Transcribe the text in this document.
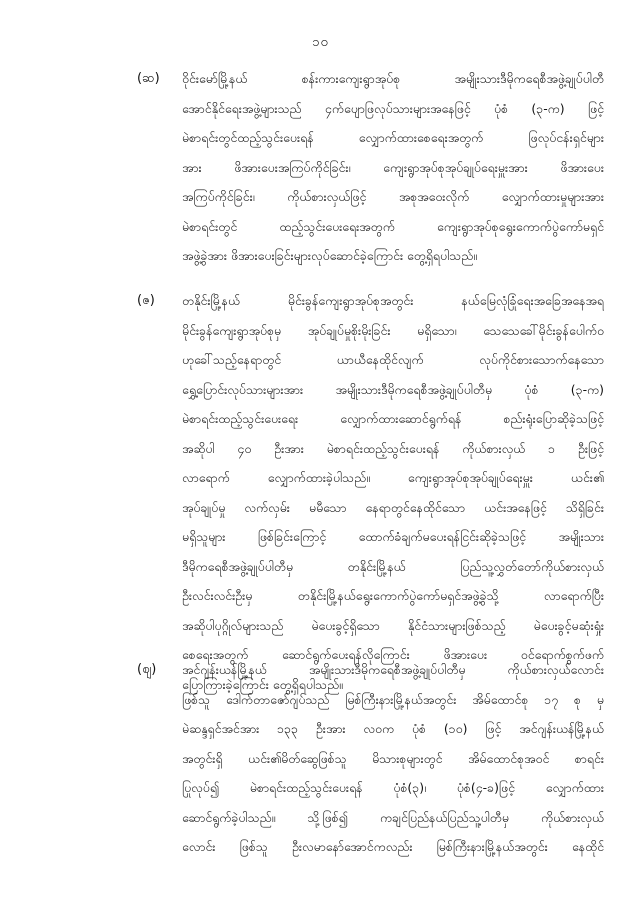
၁၀
(ဆ) ဝိုင်းမော်မြို့နယ် စန်းကားကျေးရွာအုပ်စု အမျိုးသားဒီမိုကရေစီအဖွဲ့ချုပ်ပါတီ
အောင်နိုင်ရေးအဖွဲ့များသည် ၄က်ပျောဖြလုပ်သားများအနေဖြင့် ပုံစံ (၃-က) ဖြင့်
မဲစာရင်းတွင်ထည့်သွင်းပေးရန် လျှောက်ထားစေရေးအတွက် ဖြလုပ်ငန်းရှင်များ
အား ဖိအားပေးအကြပ်ကိုင်ခြင်း၊ ကျေးရွာအုပ်စုအုပ်ချုပ်ရေးမှူးအား ဖိအားပေး
အကြပ်ကိုင်ခြင်း၊ ကိုယ်စားလှယ်ဖြင့် အစုအဝေးလိုက် လျှောက်ထားမှုများအား
မဲစာရင်းတွင် ထည့်သွင်းပေးရေးအတွက် ကျေးရွာအုပ်စုရွေးကောက်ပွဲကော်မရှင်
အဖွဲ့ခွဲအား ဖိအားပေးခြင်းများလုပ်ဆောင်ခဲ့ကြောင်း တွေ့ရှိရပါသည်။
(ဇ) တနိုင်းမြို့နယ် မိုင်းခွန်ကျေးရွာအုပ်စုအတွင်း နယ်မြေလုံခြုံရေးအခြေအနေအရ
မိုင်းခွန်ကျေးရွာအုပ်စုမှ အုပ်ချုပ်မှုစိုးမိုးခြင်း မရှိသော၊ သေသေခေါ်မိုင်းခွန်ပေါက်ဝ
ဟုခေါ်သည့်နေရာတွင် ယာယီနေထိုင်လျက် လုပ်ကိုင်စားသောက်နေသော
ရွှေ့ပြောင်းလုပ်သားများအား အမျိုးသားဒီမိုကရေစီအဖွဲ့ချုပ်ပါတီမှ ပုံစံ (၃-က)
မဲစာရင်းထည့်သွင်းပေးရေး လျှောက်ထားဆောင်ရွက်ရန် စည်းရုံးပြောဆိုခဲ့သဖြင့်
အဆိုပါ ၄၀ ဦးအား မဲစာရင်းထည့်သွင်းပေးရန် ကိုယ်စားလှယ် ၁ ဦးဖြင့်
လာရောက် လျှောက်ထားခဲ့ပါသည်။ ကျေးရွာအုပ်စုအုပ်ချုပ်ရေးမှူး ယင်း၏
အုပ်ချုပ်မှု လက်လှမ်း မမီသော နေရာတွင်နေထိုင်သော ယင်းအနေဖြင့် သိရှိခြင်း
မရှိသူများ ဖြစ်ခြင်းကြောင့် ထောက်ခံချက်မပေးရန်ငြင်းဆိုခဲ့သဖြင့် အမျိုးသား
ဒီမိုကရေစီအဖွဲ့ချုပ်ပါတီမှ တနိုင်းမြို့နယ် ပြည်သူ့လွှတ်တော်ကိုယ်စားလှယ်
ဦးလင်းလင်းဦးမှ တနိုင်းမြို့နယ်ရွေးကောက်ပွဲကော်မရှင်အဖွဲ့ခွဲသို့ လာရောက်ပြီး
အဆိုပါပုဂ္ဂိုလ်များသည် မဲပေးခွင့်ရှိသော နိုင်ငံသားများဖြစ်သည့် မဲပေးခွင့်မဆုံးရှုံး
စေရေးအတွက် ဆောင်ရွက်ပေးရန်လိုကြောင်း ဖိအားပေး ဝင်ရောက်စွက်ဖက်
ပြောကြားခဲ့ကြောင်း တွေ့ရှိရပါသည်။
(ဈ) အင်ဂျန်းယန်မြို့နယ် အမျိုးသားဒီမိုကရေစီအဖွဲ့ချုပ်ပါတီမှ ကိုယ်စားလှယ်လောင်း
ဖြစ်သူ ဒေါက်တာဇော်ဂျပ်သည် မြစ်ကြီးနားမြို့နယ်အတွင်း အိမ်ထောင်စု ၁၇ စု မှ
မဲဆန္ဒရှင်အင်အား ၁၃၃ ဦးအား လဝက ပုံစံ (၁၀) ဖြင့် အင်ဂျန်းယန်မြို့နယ်
အတွင်းရှိ ယင်း၏မိတ်ဆွေဖြစ်သူ မိသားစုများတွင် အိမ်ထောင်စုအဝင် စာရင်း
ပြုလုပ်၍ မဲစာရင်းထည့်သွင်းပေးရန် ပုံစံ(၃)၊ ပုံစံ(၄-ခ)ဖြင့် လျှောက်ထား
ဆောင်ရွက်ခဲ့ပါသည်။ သို့ဖြစ်၍ ကချင်ပြည်နယ်ပြည်သူ့ပါတီမှ ကိုယ်စားလှယ်
လောင်း ဖြစ်သူ ဦးလမာနော်အောင်ကလည်း မြစ်ကြီးနားမြို့နယ်အတွင်း နေထိုင်
